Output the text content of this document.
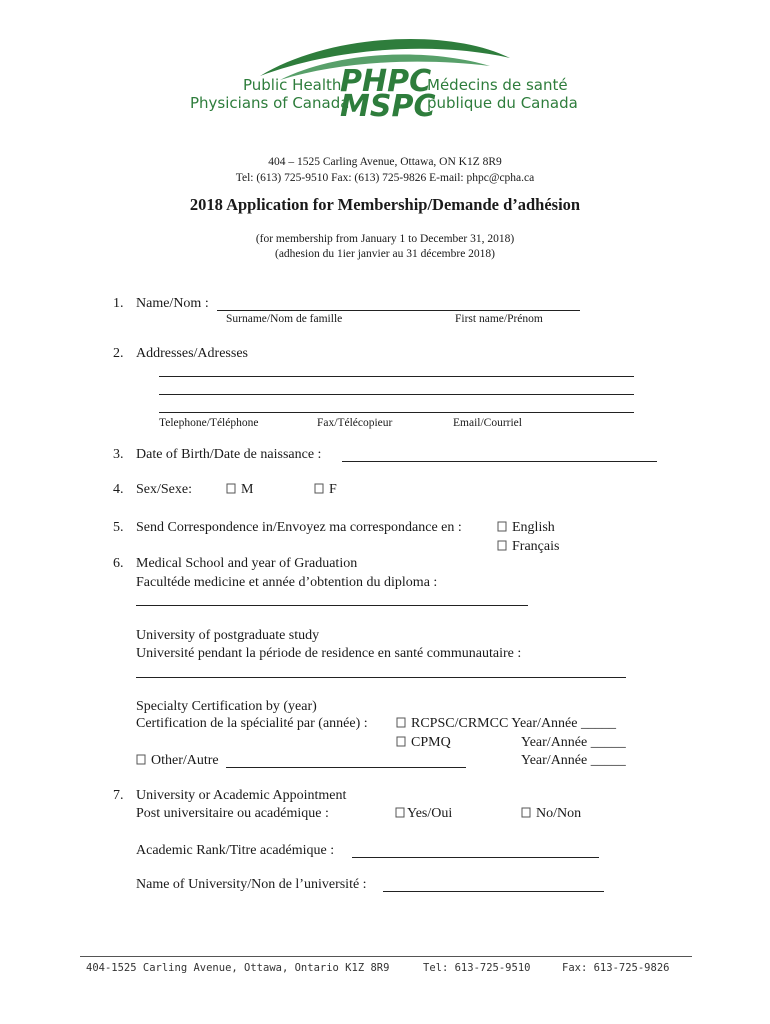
Public Health
Physicians of Canada
PHPC
MSPC
Médecins de santé
publique du Canada
404 – 1525 Carling Avenue, Ottawa, ON K1Z 8R9
Tel: (613) 725-9510 Fax: (613) 725-9826 E-mail: phpc@cpha.ca
2018 Application for Membership/Demande d’adhésion
(for membership from January 1 to December 31, 2018)
(adhesion du 1ier janvier au 31 décembre 2018)
1. Name/Nom :
Surname/Nom de famille	First name/Prénom
2. Addresses/Adresses
Telephone/Téléphone	Fax/Télécopieur	Email/Courriel
3. Date of Birth/Date de naissance :
4. Sex/Sexe:	M	F
5. Send Correspondence in/Envoyez ma correspondance en :	English
Français
6. Medical School and year of Graduation
Facultéde medicine et année d’obtention du diploma :
University of postgraduate study
Université pendant la période de residence en santé communautaire :
Specialty Certification by (year)
Certification de la spécialité par (année) :	RCPSC/CRMCC Year/Année _____
CPMQ	Year/Année _____
Other/Autre	Year/Année _____
7. University or Academic Appointment
Post universitaire ou académique :	Yes/Oui	No/Non
Academic Rank/Titre académique :
Name of University/Non de l’université :
404-1525 Carling Avenue, Ottawa, Ontario K1Z 8R9	Tel: 613-725-9510	Fax: 613-725-9826
